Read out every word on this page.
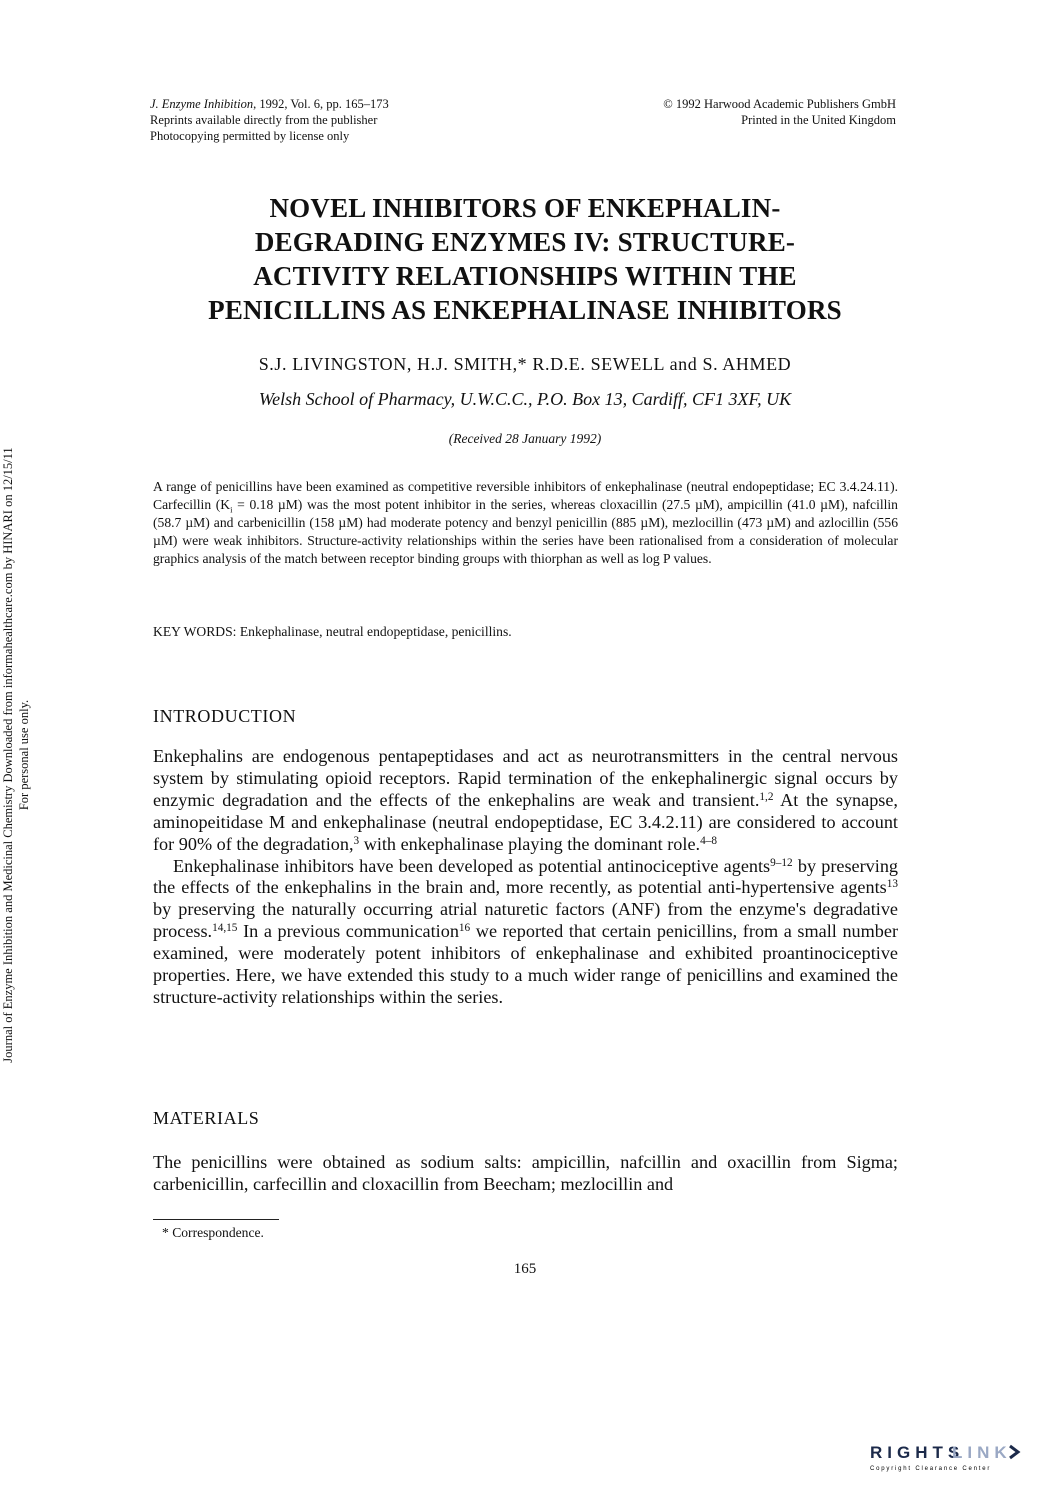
J. Enzyme Inhibition, 1992, Vol. 6, pp. 165–173
Reprints available directly from the publisher
Photocopying permitted by license only
© 1992 Harwood Academic Publishers GmbH
Printed in the United Kingdom
Journal of Enzyme Inhibition and Medicinal Chemistry Downloaded from informahealthcare.com by HINARI on 12/15/11 For personal use only.
NOVEL INHIBITORS OF ENKEPHALIN-
DEGRADING ENZYMES IV: STRUCTURE-
ACTIVITY RELATIONSHIPS WITHIN THE
PENICILLINS AS ENKEPHALINASE INHIBITORS
S.J. LIVINGSTON, H.J. SMITH,* R.D.E. SEWELL and S. AHMED
Welsh School of Pharmacy, U.W.C.C., P.O. Box 13, Cardiff, CF1 3XF, UK
(Received 28 January 1992)
A range of penicillins have been examined as competitive reversible inhibitors of enkephalinase (neutral endopeptidase; EC 3.4.24.11). Carfecillin ($K_i = 0.18$ µM) was the most potent inhibitor in the series, whereas cloxacillin (27.5 µM), ampicillin (41.0 µM), nafcillin (58.7 µM) and carbenicillin (158 µM) had moderate potency and benzyl penicillin (885 µM), mezlocillin (473 µM) and azlocillin (556 µM) were weak inhibitors. Structure-activity relationships within the series have been rationalised from a consideration of molecular graphics analysis of the match between receptor binding groups with thiorphan as well as log P values.
KEY WORDS: Enkephalinase, neutral endopeptidase, penicillins.
INTRODUCTION

Enkephalins are endogenous pentapeptidases and act as neurotransmitters in the central nervous system by stimulating opioid receptors. Rapid termination of the enkephalinergic signal occurs by enzymic degradation and the effects of the enkephalins are weak and transient.$^{1,2}$ At the synapse, aminopeitidase M and enkephalinase (neutral endopeptidase, EC 3.4.2.11) are considered to account for 90% of the degradation,$^3$ with enkephalinase playing the dominant role.$^{4-8}$

Enkephalinase inhibitors have been developed as potential antinociceptive agents$^{9-12}$ by preserving the effects of the enkephalins in the brain and, more recently, as potential anti-hypertensive agents$^{13}$ by preserving the naturally occurring atrial naturetic factors (ANF) from the enzyme's degradative process.$^{14,15}$ In a previous communication$^{16}$ we reported that certain penicillins, from a small number examined, were moderately potent inhibitors of enkephalinase and exhibited proantinociceptive properties. Here, we have extended this study to a much wider range of penicillins and examined the structure-activity relationships within the series.

MATERIALS

The penicillins were obtained as sodium salts: ampicillin, nafcillin and oxacillin from Sigma; carbenicillin, carfecillin and cloxacillin from Beecham; mezlocillin and

* Correspondence.
165
RIGHTS
LINK
Copyright Clearance Center
